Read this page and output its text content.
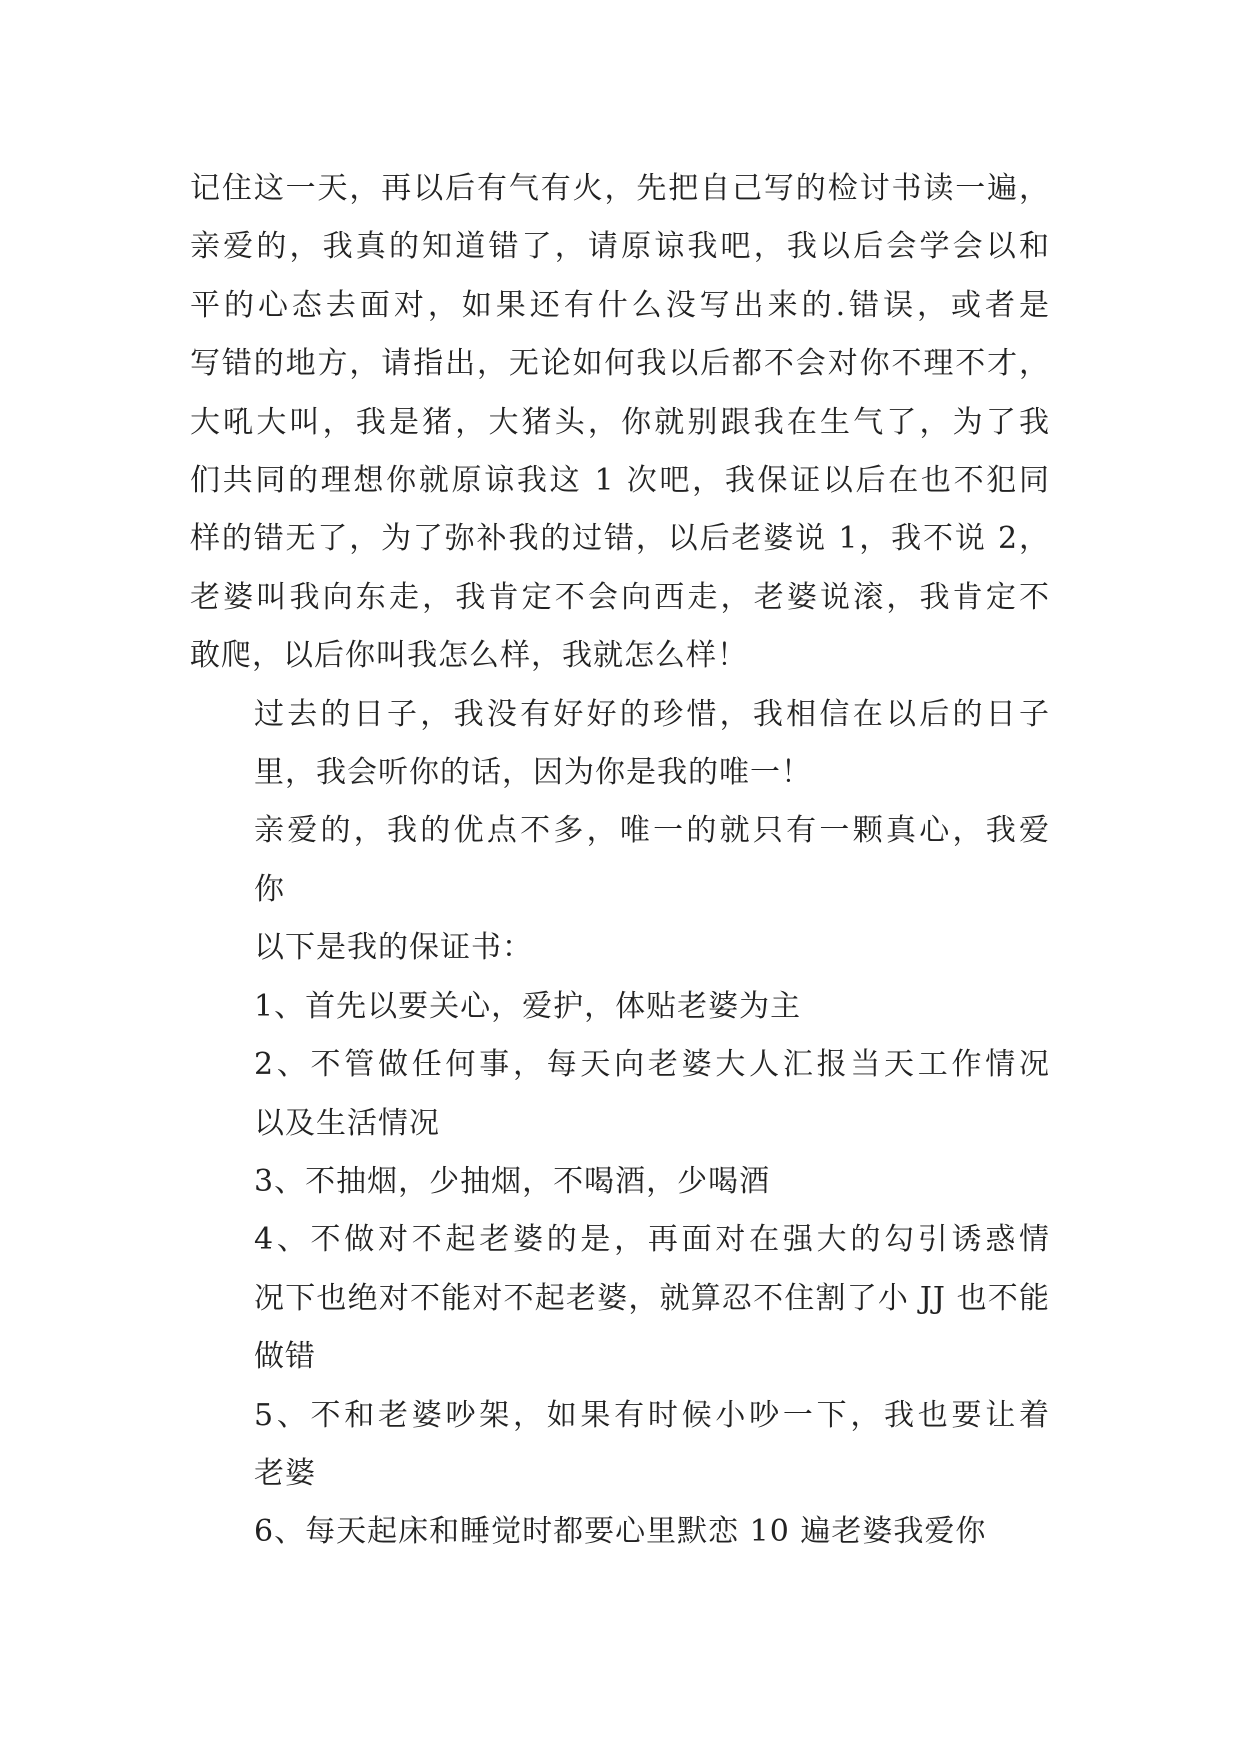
记住这一天，再以后有气有火，先把自己写的检讨书读一遍，
亲爱的，我真的知道错了，请原谅我吧，我以后会学会以和
平的心态去面对，如果还有什么没写出来的.错误，或者是
写错的地方，请指出，无论如何我以后都不会对你不理不才，
大吼大叫，我是猪，大猪头，你就别跟我在生气了，为了我
们共同的理想你就原谅我这 1 次吧，我保证以后在也不犯同
样的错无了，为了弥补我的过错，以后老婆说 1，我不说 2，
老婆叫我向东走，我肯定不会向西走，老婆说滚，我肯定不
敢爬，以后你叫我怎么样，我就怎么样！

过去的日子，我没有好好的珍惜，我相信在以后的日子
里，我会听你的话，因为你是我的唯一！

亲爱的，我的优点不多，唯一的就只有一颗真心，我爱
你

以下是我的保证书：

1、首先以要关心，爱护，体贴老婆为主

2、不管做任何事，每天向老婆大人汇报当天工作情况
以及生活情况

3、不抽烟，少抽烟，不喝酒，少喝酒

4、不做对不起老婆的是，再面对在强大的勾引诱惑情
况下也绝对不能对不起老婆，就算忍不住割了小 JJ 也不能
做错

5、不和老婆吵架，如果有时候小吵一下，我也要让着
老婆

6、每天起床和睡觉时都要心里默恋 10 遍老婆我爱你
